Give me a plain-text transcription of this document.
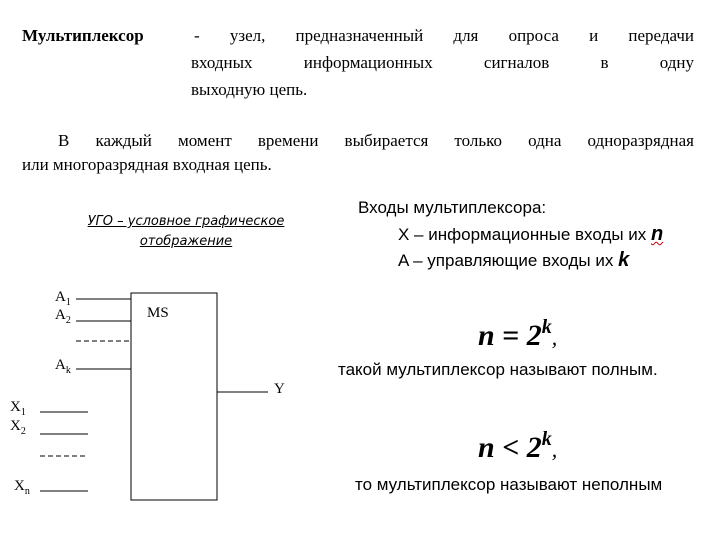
Мультиплексор	- узел, предназначенный для опроса и передачи
входных информационных сигналов в одну
выходную цепь.
В каждый момент времени выбирается только одна одноразрядная
или многоразрядная входная цепь.
УГО – условное графическое
отображение
MS
Y
$A_1$
$A_2$
$A_k$
$X_1$
$X_2$
$X_n$
Входы мультиплексора:
X – информационные входы их n
A – управляющие входы их k
$n = 2^k$,
такой мультиплексор называют полным.
$n < 2^k$,
то мультиплексор называют неполным
